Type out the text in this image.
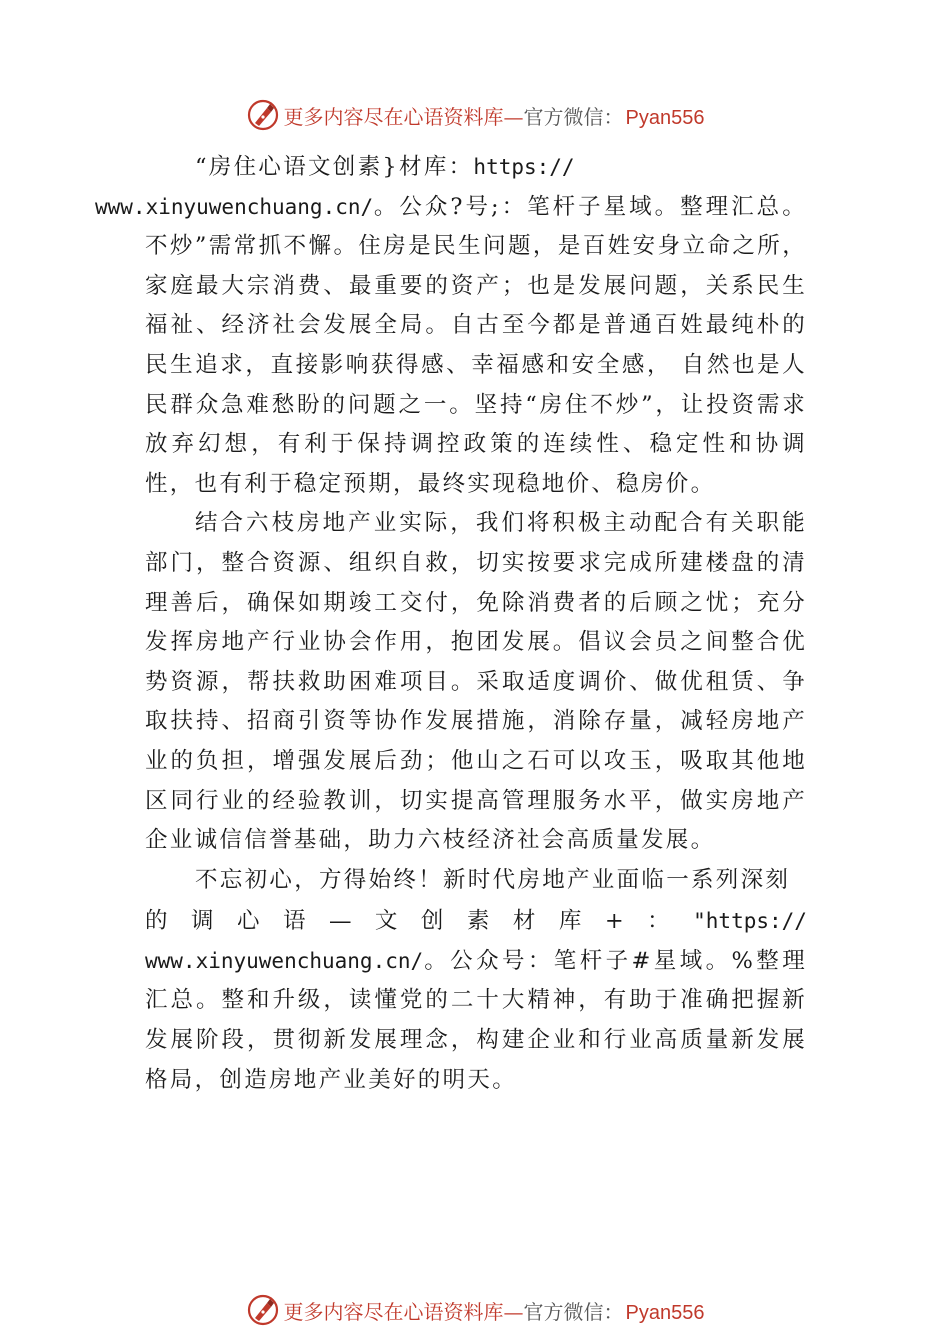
更多内容尽在心语资料库—官方微信： Pyan556

“房住心语文创素}材库：https://
www.xinyuwenchuang.cn/。公众?号;：笔杆子星域。整理汇总。不炒”需常抓不懈。住房是民生问题，是百姓安身立命之所，家庭最大宗消费、最重要的资产；也是发展问题，关系民生福祉、经济社会发展全局。自古至今都是普通百姓最纯朴的民生追求，直接影响获得感、幸福感和安全感， 自然也是人民群众急难愁盼的问题之一。坚持“房住不炒”，让投资需求放弃幻想，有利于保持调控政策的连续性、稳定性和协调性，也有利于稳定预期，最终实现稳地价、稳房价。

结合六枝房地产业实际，我们将积极主动配合有关职能部门，整合资源、组织自救，切实按要求完成所建楼盘的清理善后，确保如期竣工交付，免除消费者的后顾之忧；充分发挥房地产行业协会作用，抱团发展。倡议会员之间整合优势资源，帮扶救助困难项目。采取适度调价、做优租赁、争取扶持、招商引资等协作发展措施，消除存量，减轻房地产业的负担，增强发展后劲；他山之石可以攻玉，吸取其他地区同行业的经验教训，切实提高管理服务水平，做实房地产企业诚信信誉基础，助力六枝经济社会高质量发展。

不忘初心，方得始终！新时代房地产业面临一系列深刻

的 调 心 语 — 文 创 素 材 库 + ： "https://

www.xinyuwenchuang.cn/。公众号：笔杆子#星域。%整理汇总。整和升级，读懂党的二十大精神，有助于准确把握新发展阶段，贯彻新发展理念，构建企业和行业高质量新发展格局，创造房地产业美好的明天。

更多内容尽在心语资料库—官方微信： Pyan556
